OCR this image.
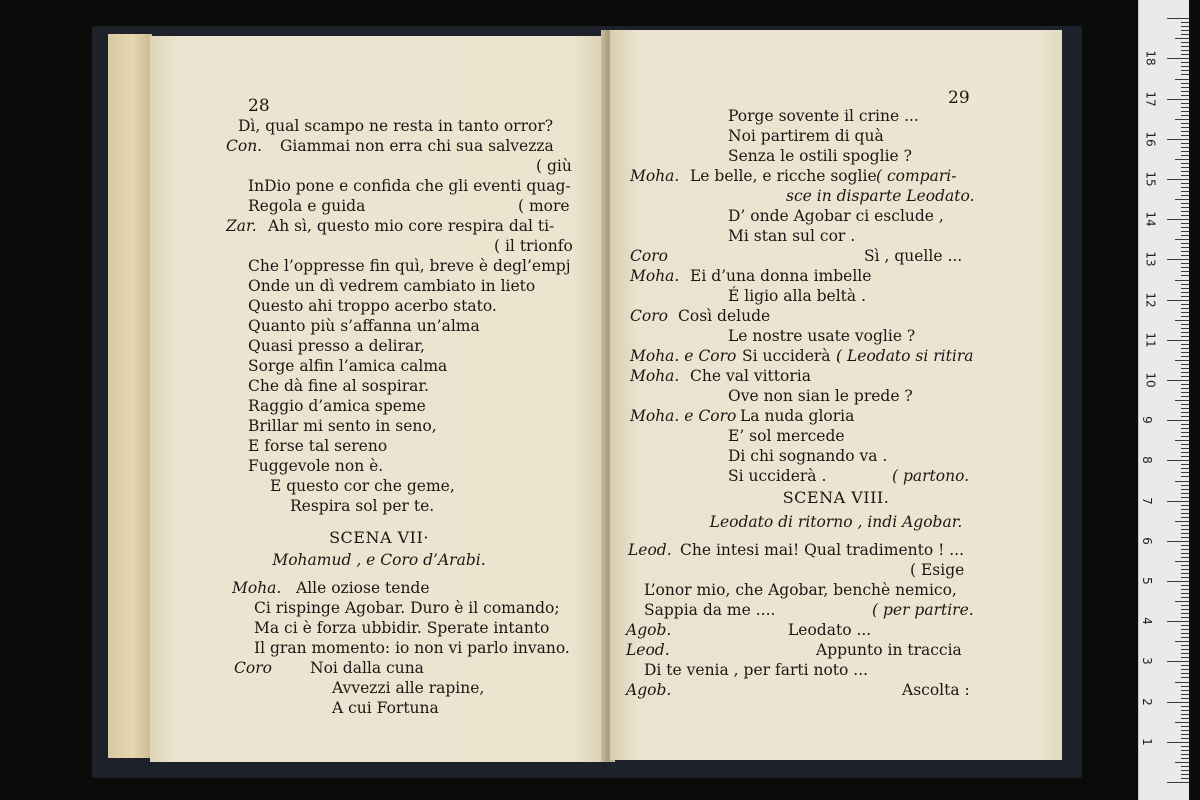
28
Dì, qual scampo ne resta in tanto orror?
Con. Giammai non erra chi sua salvezza
( giù
InDio pone e confida che gli eventi quag-
Regola e guida	( more
Zar. Ah sì, questo mio core respira dal ti-
( il trionfo
Che l’oppresse fin quì, breve è degl’empj
Onde un dì vedrem cambiato in lieto
Questo ahi troppo acerbo stato.
Quanto più s’affanna un’alma
Quasi presso a delirar,
Sorge alfin l’amica calma
Che dà fine al sospirar.
Raggio d’amica speme
Brillar mi sento in seno,
E forse tal sereno
Fuggevole non è.
E questo cor che geme,
Respira sol per te.
SCENA VII·
Mohamud , e Coro d’Arabi.
Moha. Alle oziose tende
Ci rispinge Agobar. Duro è il comando;
Ma ci è forza ubbidir. Sperate intanto
Il gran momento: io non vi parlo invano.
Coro Noi dalla cuna
Avvezzi alle rapine,
A cui Fortuna
29
Porge sovente il crine ...
Noi partirem di quà
Senza le ostili spoglie ?
Moha. Le belle, e ricche soglie ( compari-
sce in disparte Leodato.
D’ onde Agobar ci esclude ,
Mi stan sul cor .
Coro	Sì , quelle ...
Moha. Ei d’una donna imbelle
É ligio alla beltà .
Coro Così delude
Le nostre usate voglie ?
Moha. e Coro Si ucciderà .
( Leodato si ritira
Moha. Che val vittoria
Ove non sian le prede ?
Moha. e Coro La nuda gloria
E’ sol mercede
Di chi sognando va .
Si ucciderà .	( partono.
SCENA VIII.
Leodato di ritorno , indi Agobar.
Leod. Che intesi mai! Qual tradimento ! ...
( Esige
L’onor mio, che Agobar, benchè nemico,
Sappia da me ....	( per partire.
Agob.	Leodato ...
Leod.	Appunto in traccia
Di te venia , per farti noto ...
Agob.	Ascolta :
1
2
3
4
5
6
7
8
9
10
11
12
13
14
15
16
17
18
